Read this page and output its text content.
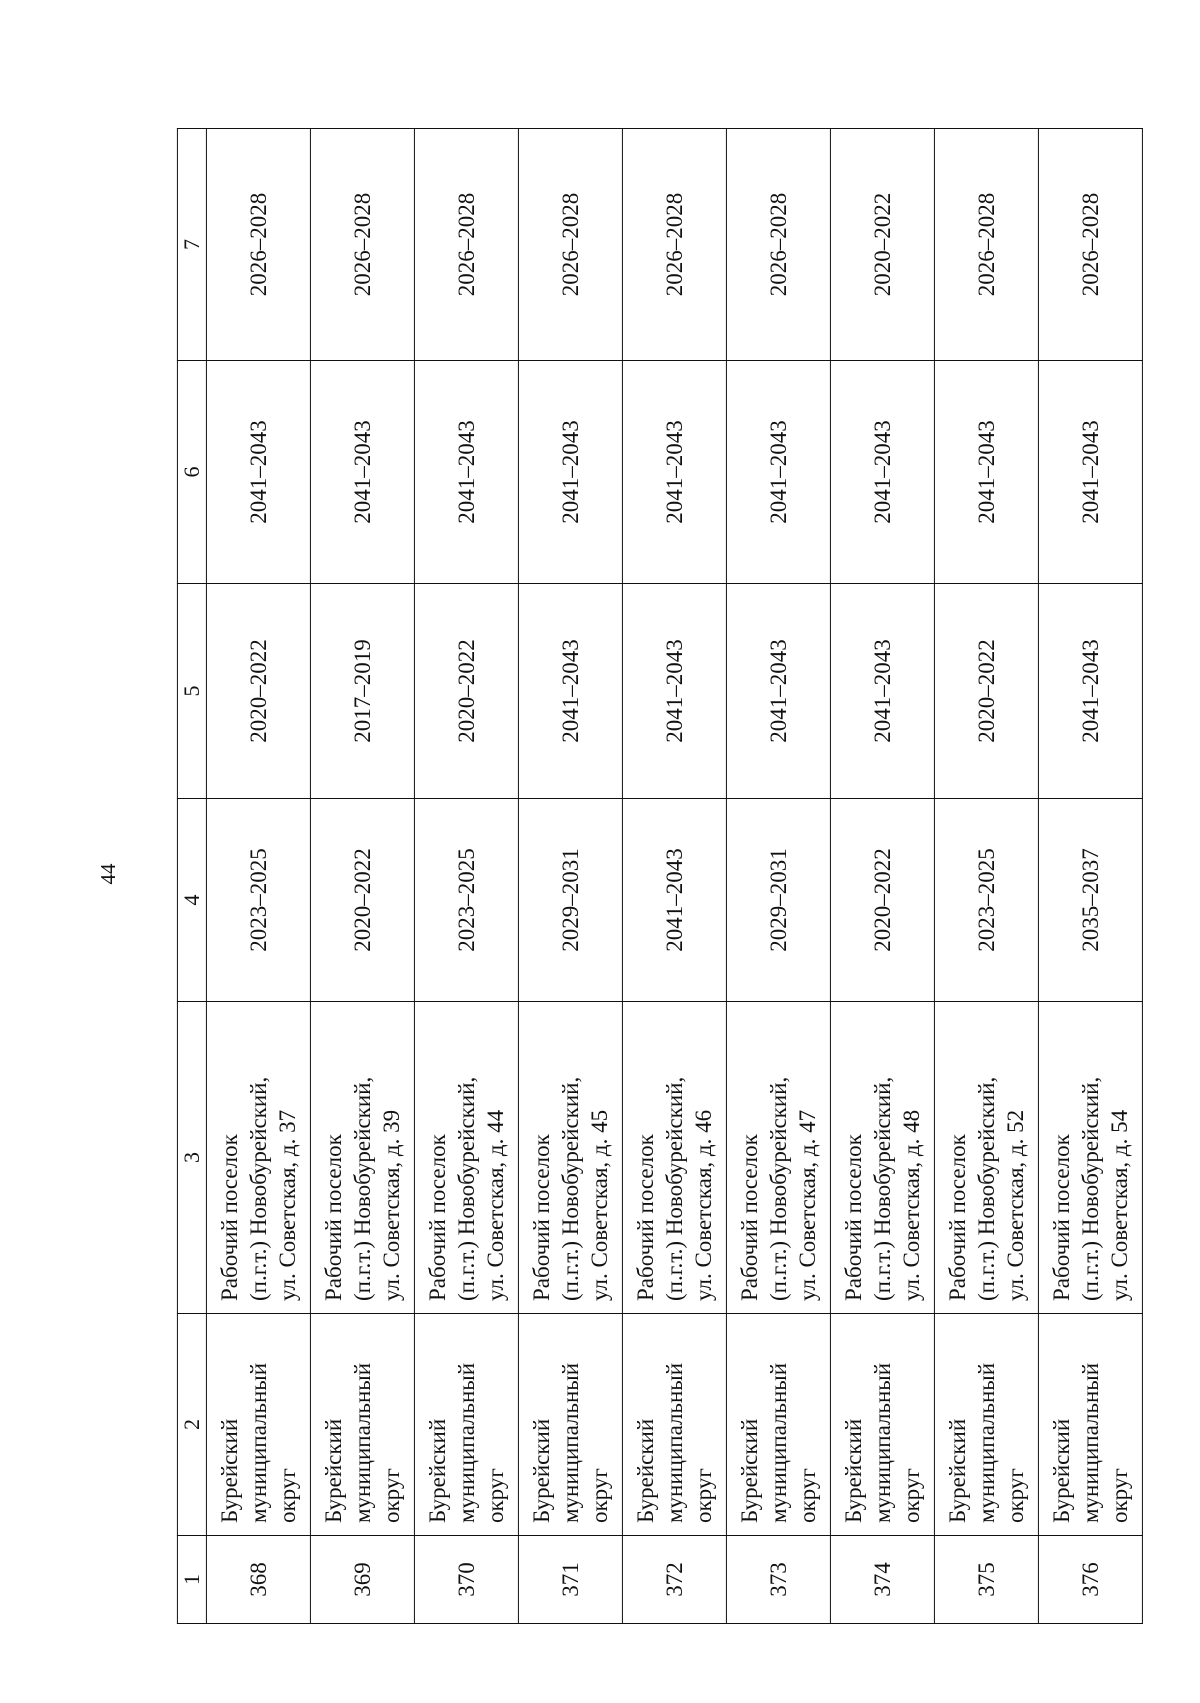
44
1	2	3	4	5	6	7
368	Бурейский муниципальный округ	Рабочий поселок (п.г.т.) Новобурейский, ул. Советская, д. 37	2023–2025	2020–2022	2041–2043	2026–2028
369	Бурейский муниципальный округ	Рабочий поселок (п.г.т.) Новобурейский, ул. Советская, д. 39	2020–2022	2017–2019	2041–2043	2026–2028
370	Бурейский муниципальный округ	Рабочий поселок (п.г.т.) Новобурейский, ул. Советская, д. 44	2023–2025	2020–2022	2041–2043	2026–2028
371	Бурейский муниципальный округ	Рабочий поселок (п.г.т.) Новобурейский, ул. Советская, д. 45	2029–2031	2041–2043	2041–2043	2026–2028
372	Бурейский муниципальный округ	Рабочий поселок (п.г.т.) Новобурейский, ул. Советская, д. 46	2041–2043	2041–2043	2041–2043	2026–2028
373	Бурейский муниципальный округ	Рабочий поселок (п.г.т.) Новобурейский, ул. Советская, д. 47	2029–2031	2041–2043	2041–2043	2026–2028
374	Бурейский муниципальный округ	Рабочий поселок (п.г.т.) Новобурейский, ул. Советская, д. 48	2020–2022	2041–2043	2041–2043	2020–2022
375	Бурейский муниципальный округ	Рабочий поселок (п.г.т.) Новобурейский, ул. Советская, д. 52	2023–2025	2020–2022	2041–2043	2026–2028
376	Бурейский муниципальный округ	Рабочий поселок (п.г.т.) Новобурейский, ул. Советская, д. 54	2035–2037	2041–2043	2041–2043	2026–2028
